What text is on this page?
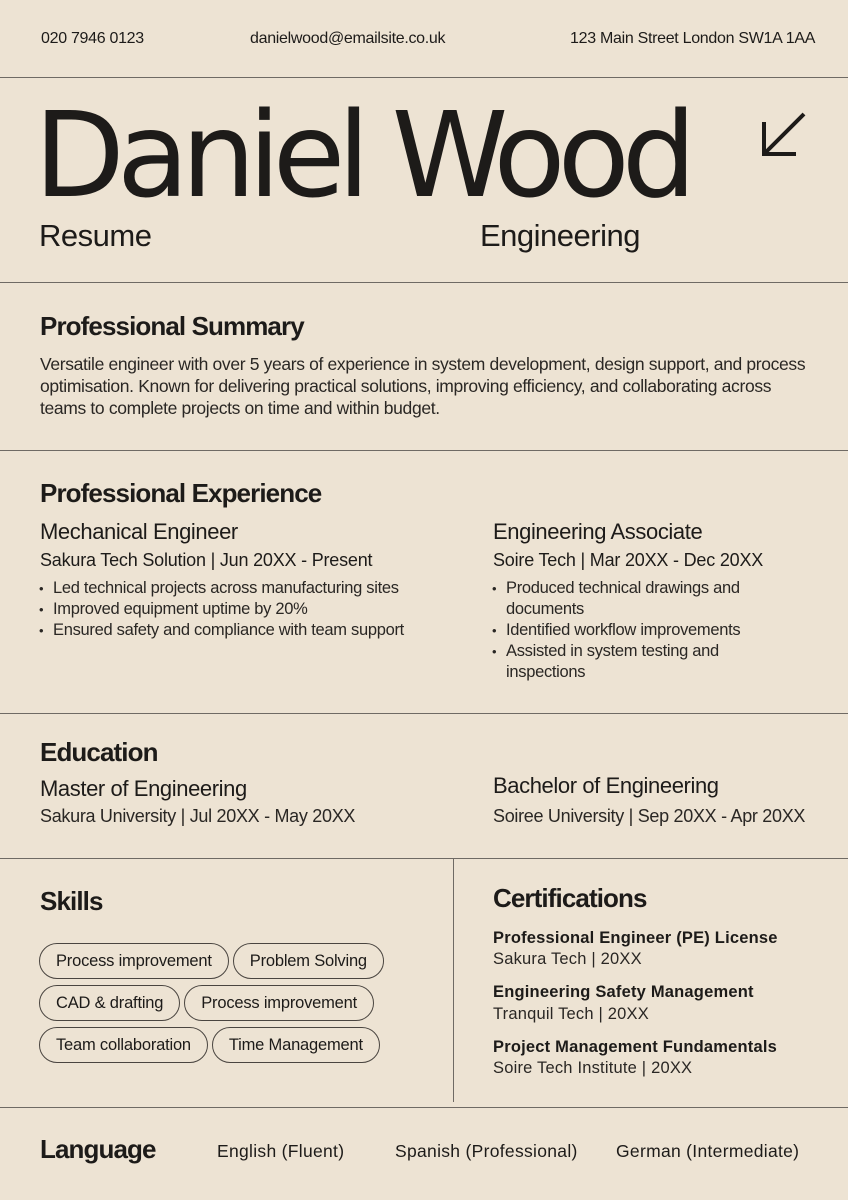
020 7946 0123	danielwood@emailsite.co.uk	123 Main Street London SW1A 1AA
Daniel Wood
Resume	Engineering
Professional Summary
Versatile engineer with over 5 years of experience in system development, design support, and process optimisation. Known for delivering practical solutions, improving efficiency, and collaborating across teams to complete projects on time and within budget.
Professional Experience
Mechanical Engineer
Sakura Tech Solution | Jun 20XX - Present
• Led technical projects across manufacturing sites
• Improved equipment uptime by 20%
• Ensured safety and compliance with team support
Engineering Associate
Soire Tech | Mar 20XX - Dec 20XX
• Produced technical drawings and documents
• Identified workflow improvements
• Assisted in system testing and inspections
Education
Master of Engineering
Sakura University | Jul 20XX - May 20XX
Bachelor of Engineering
Soiree University | Sep 20XX - Apr 20XX
Skills
Process improvement	Problem Solving
CAD & drafting	Process improvement
Team collaboration	Time Management
Certifications
Professional Engineer (PE) License
Sakura Tech | 20XX
Engineering Safety Management
Tranquil Tech | 20XX
Project Management Fundamentals
Soire Tech Institute | 20XX
Language	English (Fluent)	Spanish (Professional) German (Intermediate)
